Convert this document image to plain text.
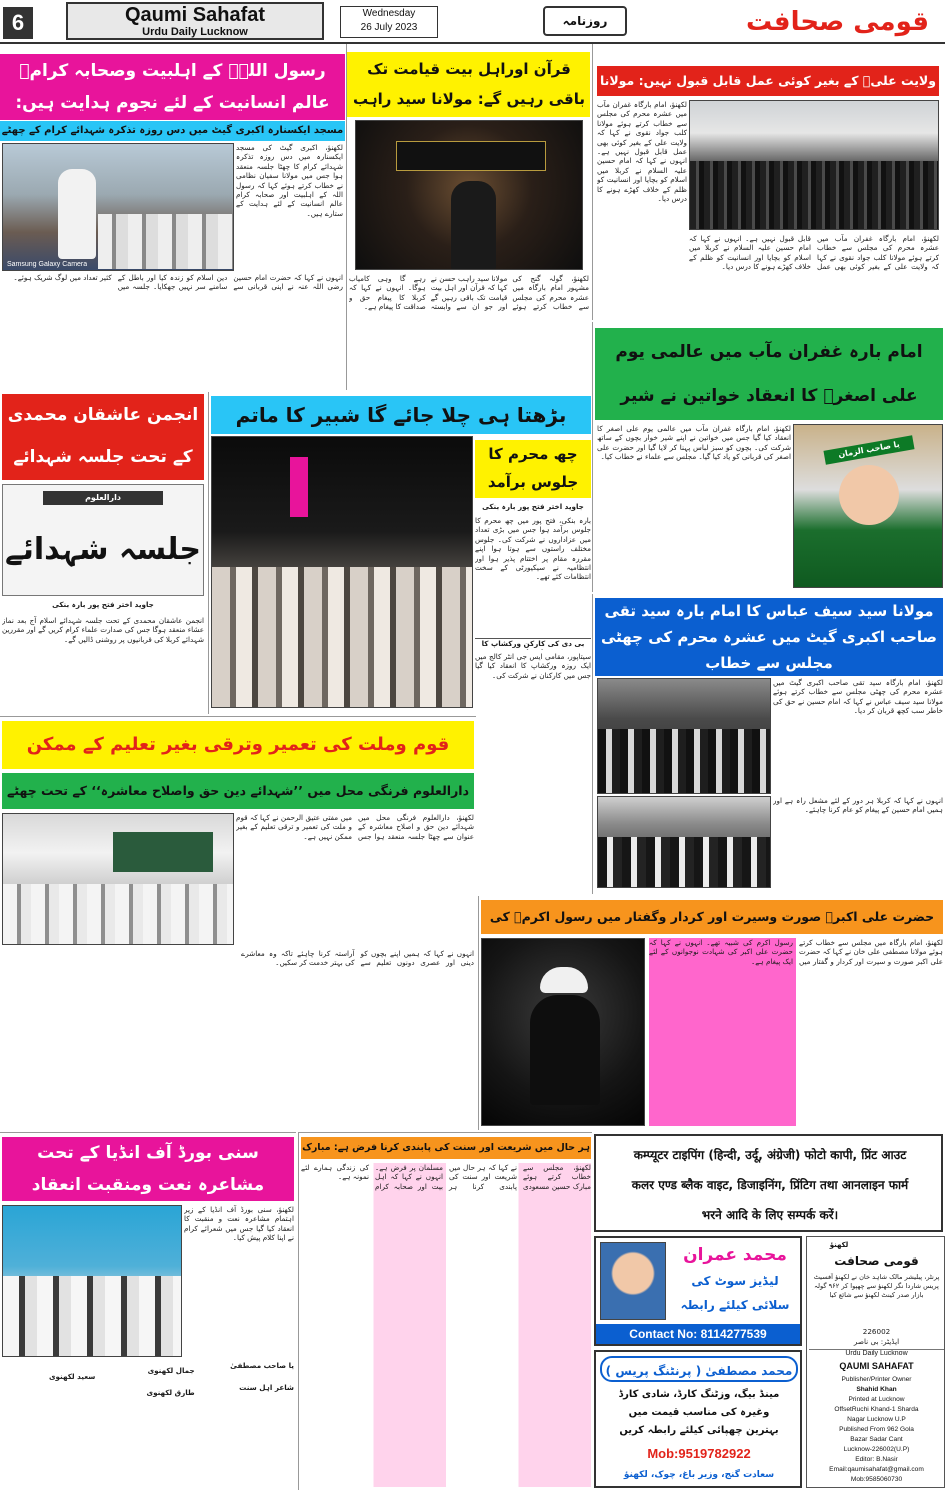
6	Qaumi Sahafat
Urdu Daily Lucknow
Wednesday
26 July 2023	روزنامہ	قومی صحافت
رسول اللہؐ کے اہلبیت وصحابہ کرامؓ عالم انسانیت کے لئے نجوم ہدایت ہیں:
مسجد ایکسنارہ اکبری گیٹ میں دس روزہ تذکرہ شہدائے کرام کے چھٹے
Samsung Galaxy Camera
لکھنؤ، اکبری گیٹ کی مسجد ایکسنارہ میں دس روزہ تذکرہ شہدائے کرام کا چھٹا جلسہ منعقد ہوا جس میں مولانا سفیان نظامی نے خطاب کرتے ہوئے کہا کہ رسول اللہ کے اہلبیت اور صحابہ کرام عالم انسانیت کے لئے ہدایت کے ستارے ہیں۔
انہوں نے کہا کہ حضرت امام حسین رضی اللہ عنہ نے اپنی قربانی سے دین اسلام کو زندہ کیا اور باطل کے سامنے سر نہیں جھکایا۔ جلسہ میں کثیر تعداد میں لوگ شریک ہوئے۔
قرآن اوراہل بیت قیامت تک باقی رہیں گے: مولانا سید راہب
لکھنؤ، گولہ گنج کی مشہور امام بارگاہ میں عشرہ محرم کی مجلس سے خطاب کرتے ہوئے مولانا سید راہب حسن نے کہا کہ قرآن اور اہل بیت قیامت تک باقی رہیں گے اور جو ان سے وابستہ رہے گا وہی کامیاب ہوگا۔ انہوں نے کہا کہ کربلا کا پیغام حق و صداقت کا پیغام ہے۔
ولایت علیؑ کے بغیر کوئی عمل قابل قبول نہیں: مولانا
لکھنؤ، امام بارگاہ غفران مآب میں عشرہ محرم کی مجلس سے خطاب کرتے ہوئے مولانا کلب جواد نقوی نے کہا کہ ولایت علی کے بغیر کوئی بھی عمل قابل قبول نہیں ہے۔ انہوں نے کہا کہ امام حسین علیہ السلام نے کربلا میں اسلام کو بچایا اور انسانیت کو ظلم کے خلاف کھڑے ہونے کا درس دیا۔
لکھنؤ، امام بارگاہ غفران مآب میں عشرہ محرم کی مجلس سے خطاب کرتے ہوئے مولانا کلب جواد نقوی نے کہا کہ ولایت علی کے بغیر کوئی بھی عمل قابل قبول نہیں ہے۔ انہوں نے کہا کہ امام حسین علیہ السلام نے کربلا میں اسلام کو بچایا اور انسانیت کو ظلم کے خلاف کھڑے ہونے کا درس دیا۔
امام بارہ غفران مآب میں عالمی یوم علی اصغرؑ کا انعقاد خواتین نے شیر
لکھنؤ، امام بارگاہ غفران مآب میں عالمی یوم علی اصغر کا انعقاد کیا گیا جس میں خواتین نے اپنے شیر خوار بچوں کے ساتھ شرکت کی۔ بچوں کو سبز لباس پہنا کر لایا گیا اور حضرت علی اصغر کی قربانی کو یاد کیا گیا۔ مجلس سے علماء نے خطاب کیا۔	یا صاحب الزمان
انجمن عاشقان محمدی کے تحت جلسہ شہدائے
دارالعلوم
جلسہ شہدائے
جاوید اختر فتح پور بارہ بنکی
انجمن عاشقان محمدی کے تحت جلسہ شہدائے اسلام آج بعد نماز عشاء منعقد ہوگا جس کی صدارت علماء کرام کریں گے اور مقررین شہدائے کربلا کی قربانیوں پر روشنی ڈالیں گے۔
بڑھتا ہی چلا جائے گا شبیر کا ماتم
چھ محرم کا جلوس برآمد
جاوید اختر فتح پور بارہ بنکی
بارہ بنکی، فتح پور میں چھ محرم کا جلوس برآمد ہوا جس میں بڑی تعداد میں عزاداروں نے شرکت کی۔ جلوس مختلف راستوں سے ہوتا ہوا اپنے مقررہ مقام پر اختتام پذیر ہوا اور انتظامیہ نے سیکیورٹی کے سخت انتظامات کئے تھے۔
بی دی کی کارکن ورکشاپ کا
سیتاپور، مقامی ایس جی انٹر کالج میں ایک روزہ ورکشاپ کا انعقاد کیا گیا جس میں کارکنان نے شرکت کی۔
مولانا سید سیف عباس کا امام بارہ سید تقی صاحب اکبری گیٹ میں عشرہ محرم کی چھٹی مجلس سے خطاب
لکھنؤ، امام بارگاہ سید تقی صاحب اکبری گیٹ میں عشرہ محرم کی چھٹی مجلس سے خطاب کرتے ہوئے مولانا سید سیف عباس نے کہا کہ امام حسین نے حق کی خاطر سب کچھ قربان کر دیا۔
انہوں نے کہا کہ کربلا ہر دور کے لئے مشعل راہ ہے اور ہمیں امام حسین کے پیغام کو عام کرنا چاہئے۔
قوم وملت کی تعمیر وترقی بغیر تعلیم کے ممکن
دارالعلوم فرنگی محل میں ’’شہدائے دین حق واصلاح معاشرہ‘‘ کے تحت چھٹے
لکھنؤ، دارالعلوم فرنگی محل میں شہدائے دین حق و اصلاح معاشرہ کے عنوان سے چھٹا جلسہ منعقد ہوا جس میں مفتی عتیق الرحمن نے کہا کہ قوم و ملت کی تعمیر و ترقی تعلیم کے بغیر ممکن نہیں ہے۔
انہوں نے کہا کہ ہمیں اپنے بچوں کو دینی اور عصری دونوں تعلیم سے آراستہ کرنا چاہئے تاکہ وہ معاشرے کی بہتر خدمت کر سکیں۔
حضرت علی اکبرؑ صورت وسیرت اور کردار وگفتار میں رسول اکرمؐ کی
لکھنؤ، امام بارگاہ میں مجلس سے خطاب کرتے ہوئے مولانا مصطفی علی خان نے کہا کہ حضرت علی اکبر صورت و سیرت اور کردار و گفتار میں رسول اکرم کی شبیہ تھے۔ انہوں نے کہا کہ حضرت علی اکبر کی شہادت نوجوانوں کے لئے ایک پیغام ہے۔
سنی بورڈ آف انڈیا کے تحت مشاعرہ نعت ومنقبت انعقاد
لکھنؤ، سنی بورڈ آف انڈیا کے زیر اہتمام مشاعرہ نعت و منقبت کا انعقاد کیا گیا جس میں شعرائے کرام نے اپنا کلام پیش کیا۔
یا صاحب مصطفیٰ
شاعر اہل سنت
جمال لکھنوی
طارق لکھنوی
سعید لکھنوی
ہر حال میں شریعت اور سنت کی پابندی کرنا فرض ہے: مبارک
لکھنؤ، مجلس سے خطاب کرتے ہوئے مبارک حسین مسعودی نے کہا کہ ہر حال میں شریعت اور سنت کی پابندی کرنا ہر مسلمان پر فرض ہے۔ انہوں نے کہا کہ اہل بیت اور صحابہ کرام کی زندگی ہمارے لئے نمونہ ہے۔
कम्प्यूटर टाइपिंग (हिन्दी, उर्दू, अंग्रेजी) फोटो कापी, प्रिंट आउट
कलर एण्ड ब्लैक वाइट, डिजाइनिंग, प्रिंटिग तथा आनलाइन फार्म
भरने आदि के लिए सम्पर्क करें।
محمد عمران
لیڈیز سوٹ کی
سلائی کیلئے رابطہ
Contact No: 8114277539
محمد مصطفیٰ ( پرنٹنگ پریس )
مینڈ بیگ، وزٹنگ کارڈ، شادی کارڈ
وغیرہ کی مناسب قیمت میں
بہترین چھپائی کیلئے رابطہ کریں
Mob:9519782922
سعادت گنج، وزیر باغ، چوک، لکھنؤ
لکھنؤ
قومی صحافت
پرنٹر، پبلیشر مالک شاہد خان نے لکھنؤ آفسیٹ پریس شاردا نگر لکھنؤ سے چھپوا کر ۹۶۲ گولہ بازار صدر کینٹ لکھنؤ سے شائع کیا
226002
ایڈیٹر: بی ناصر
Urdu Daily Lucknow
QAUMI SAHAFAT
Publisher/Printer Owner
Shahid Khan
Printed at Lucknow
OffsetRuchi Khand-1 Sharda
Nagar Lucknow U.P
Published From 962 Gola
Bazar Sadar Cant
Lucknow-226002(U.P)
Editor: B.Nasir
Email:qaumisahafat@gmail.com
Mob:9585060730
